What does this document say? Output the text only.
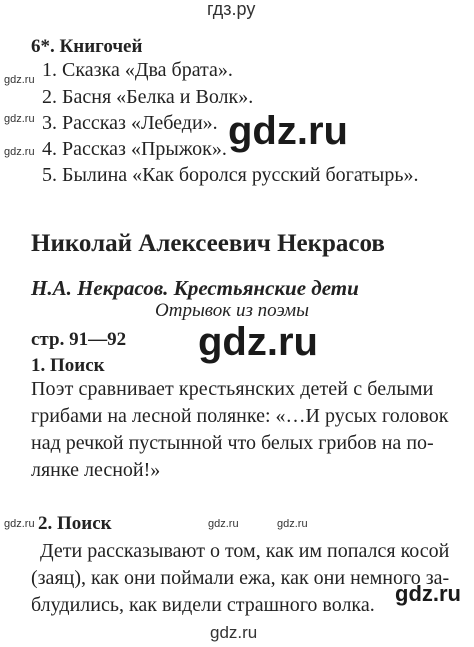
гдз.ру
gdz.ru
gdz.ru
gdz.ru	gdz.ru
gdz.ru
gdz.ru	gdz.ru	gdz.ru
gdz.ru
gdz.ru
6*. Книгочей
1. Сказка «Два брата».
2. Басня «Белка и Волк».
3. Рассказ «Лебеди».
4. Рассказ «Прыжок».
5. Былина «Как боролся русский богатырь».
Николай Алексеевич Некрасов
Н.А. Некрасов. Крестьянские дети
Отрывок из поэмы
стр. 91—92
1. Поиск
Поэт сравнивает крестьянских детей с белыми
грибами на лесной полянке: «…И русых головок
над речкой пустынной что белых грибов на по-
лянке лесной!»
2. Поиск
Дети рассказывают о том, как им попался косой
(заяц), как они поймали ежа, как они немного за-
блудились, как видели страшного волка.
